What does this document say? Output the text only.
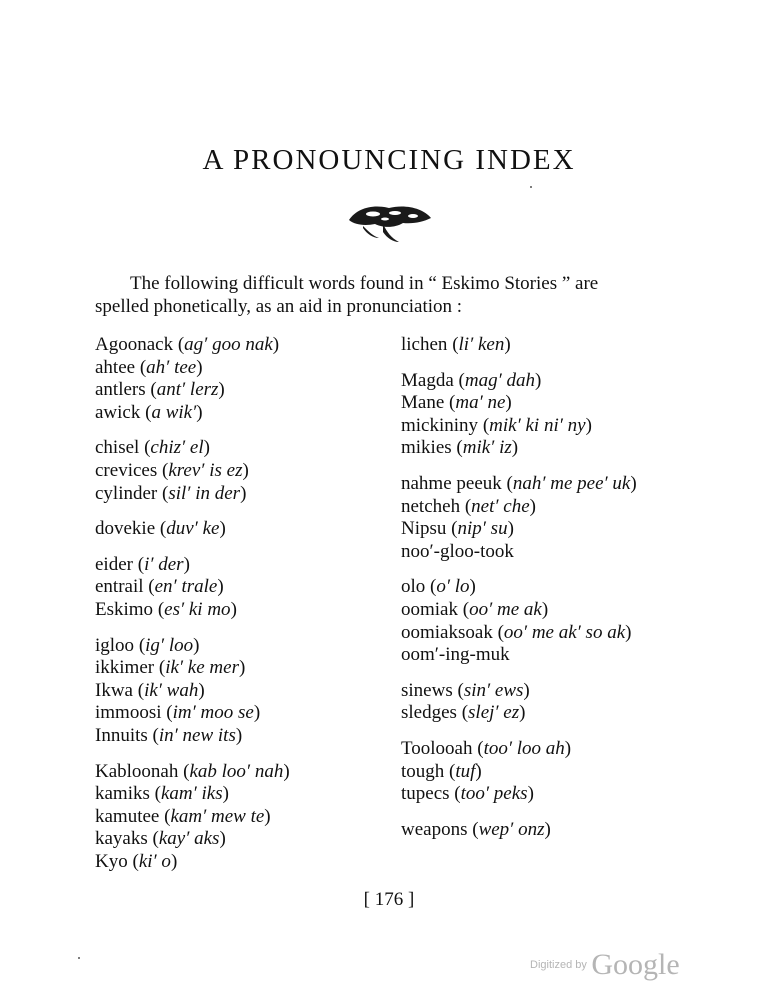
A PRONOUNCING INDEX
The following difficult words found in “ Eskimo Stories ” are
spelled phonetically, as an aid in pronunciation :
Agoonack (ag′ goo nak)
ahtee (ah′ tee)
antlers (ant′ lerz)
awick (a wik′)
chisel (chiz′ el)
crevices (krev′ is ez)
cylinder (sil′ in der)
dovekie (duv′ ke)
eider (i′ der)
entrail (en′ trale)
Eskimo (es′ ki mo)
igloo (ig′ loo)
ikkimer (ik′ ke mer)
Ikwa (ik′ wah)
immoosi (im′ moo se)
Innuits (in′ new its)
Kabloonah (kab loo′ nah)
kamiks (kam′ iks)
kamutee (kam′ mew te)
kayaks (kay′ aks)
Kyo (ki′ o)
lichen (li′ ken)
Magda (mag′ dah)
Mane (ma′ ne)
mickininy (mik′ ki ni′ ny)
mikies (mik′ iz)
nahme peeuk (nah′ me pee′ uk)
netcheh (net′ che)
Nipsu (nip′ su)
noo′-gloo-took
olo (o′ lo)
oomiak (oo′ me ak)
oomiaksoak (oo′ me ak′ so ak)
oom′-ing-muk
sinews (sin′ ews)
sledges (slej′ ez)
Toolooah (too′ loo ah)
tough (tuf)
tupecs (too′ peks)
weapons (wep′ onz)
[ 176 ]
Digitized by Google
